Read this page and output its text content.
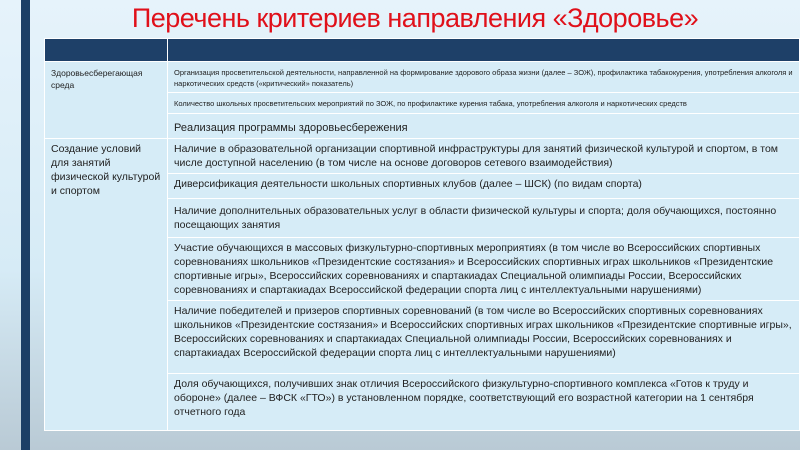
Перечень критериев направления «Здоровье»

Здоровьесберегающая среда	Организация просветительской деятельности, направленной на формирование здорового образа жизни (далее – ЗОЖ), профилактика табакокурения, употребления алкоголя и наркотических средств («критический» показатель)
	Количество школьных просветительских мероприятий по ЗОЖ, по профилактике курения табака, употребления алкоголя и наркотических средств
	Реализация программы здоровьесбережения
Создание условий для занятий физической культурой и спортом	Наличие в образовательной организации спортивной инфраструктуры для занятий физической культурой и спортом, в том числе доступной населению (в том числе на основе договоров сетевого взаимодействия)
	Диверсификация деятельности школьных спортивных клубов (далее – ШСК) (по видам спорта)
	Наличие дополнительных образовательных услуг в области физической культуры и спорта; доля обучающихся, постоянно посещающих занятия
	Участие обучающихся в массовых физкультурно-спортивных мероприятиях (в том числе во Всероссийских спортивных соревнованиях школьников «Президентские состязания» и Всероссийских спортивных играх школьников «Президентские спортивные игры», Всероссийских соревнованиях и спартакиадах Специальной олимпиады России, Всероссийских соревнованиях и спартакиадах Всероссийской федерации спорта лиц с интеллектуальными нарушениями)
	Наличие победителей и призеров спортивных соревнований (в том числе во Всероссийских спортивных соревнованиях школьников «Президентские состязания» и Всероссийских спортивных играх школьников «Президентские спортивные игры», Всероссийских соревнованиях и спартакиадах Специальной олимпиады России, Всероссийских соревнованиях и спартакиадах Всероссийской федерации спорта лиц с интеллектуальными нарушениями)
	Доля обучающихся, получивших знак отличия Всероссийского физкультурно-спортивного комплекса «Готов к труду и обороне» (далее – ВФСК «ГТО») в установленном порядке, соответствующий его возрастной категории на 1 сентября отчетного года
